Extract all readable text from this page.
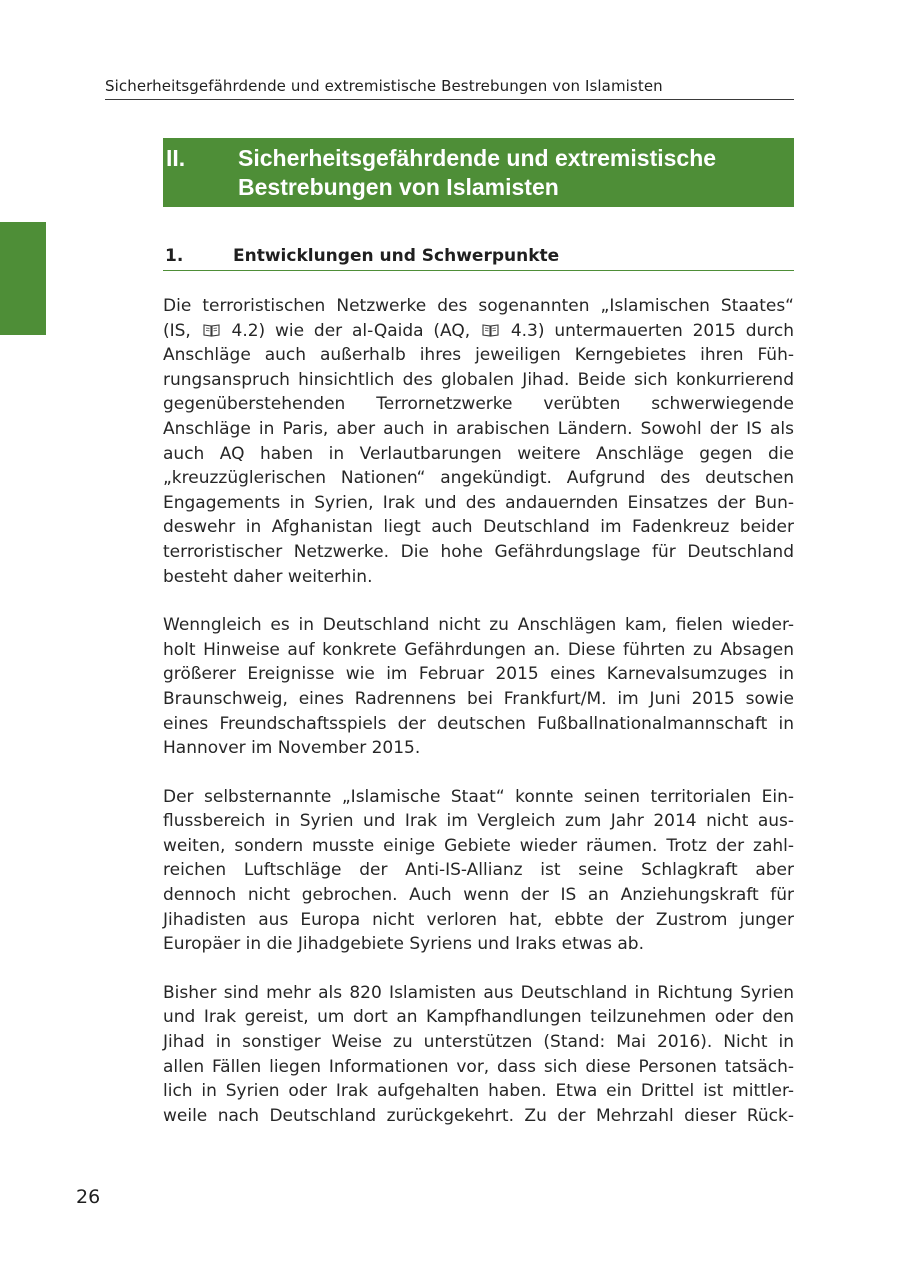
Sicherheitsgefährdende und extremistische Bestrebungen von Islamisten
II. Sicherheitsgefährdende und extremistische
Bestrebungen von Islamisten
1.	Entwicklungen und Schwerpunkte

Die terroristischen Netzwerke des sogenannten „Islamischen Staates“
(IS,  4.2) wie der al-Qaida (AQ,  4.3) untermauerten 2015 durch
Anschläge auch außerhalb ihres jeweiligen Kerngebietes ihren Füh-
rungsanspruch hinsichtlich des globalen Jihad. Beide sich konkurrierend
gegenüberstehenden Terrornetzwerke verübten schwerwiegende
Anschläge in Paris, aber auch in arabischen Ländern. Sowohl der IS als
auch AQ haben in Verlautbarungen weitere Anschläge gegen die
„kreuzzüglerischen Nationen“ angekündigt. Aufgrund des deutschen
Engagements in Syrien, Irak und des andauernden Einsatzes der Bun-
deswehr in Afghanistan liegt auch Deutschland im Fadenkreuz beider
terroristischer Netzwerke. Die hohe Gefährdungslage für Deutschland
besteht daher weiterhin.

Wenngleich es in Deutschland nicht zu Anschlägen kam, fielen wieder-
holt Hinweise auf konkrete Gefährdungen an. Diese führten zu Absagen
größerer Ereignisse wie im Februar 2015 eines Karnevalsumzuges in
Braunschweig, eines Radrennens bei Frankfurt/M. im Juni 2015 sowie
eines Freundschaftsspiels der deutschen Fußballnationalmannschaft in
Hannover im November 2015.

Der selbsternannte „Islamische Staat“ konnte seinen territorialen Ein-
flussbereich in Syrien und Irak im Vergleich zum Jahr 2014 nicht aus-
weiten, sondern musste einige Gebiete wieder räumen. Trotz der zahl-
reichen Luftschläge der Anti-IS-Allianz ist seine Schlagkraft aber
dennoch nicht gebrochen. Auch wenn der IS an Anziehungskraft für
Jihadisten aus Europa nicht verloren hat, ebbte der Zustrom junger
Europäer in die Jihadgebiete Syriens und Iraks etwas ab.

Bisher sind mehr als 820 Islamisten aus Deutschland in Richtung Syrien
und Irak gereist, um dort an Kampfhandlungen teilzunehmen oder den
Jihad in sonstiger Weise zu unterstützen (Stand: Mai 2016). Nicht in
allen Fällen liegen Informationen vor, dass sich diese Personen tatsäch-
lich in Syrien oder Irak aufgehalten haben. Etwa ein Drittel ist mittler-
weile nach Deutschland zurückgekehrt. Zu der Mehrzahl dieser Rück-

26
